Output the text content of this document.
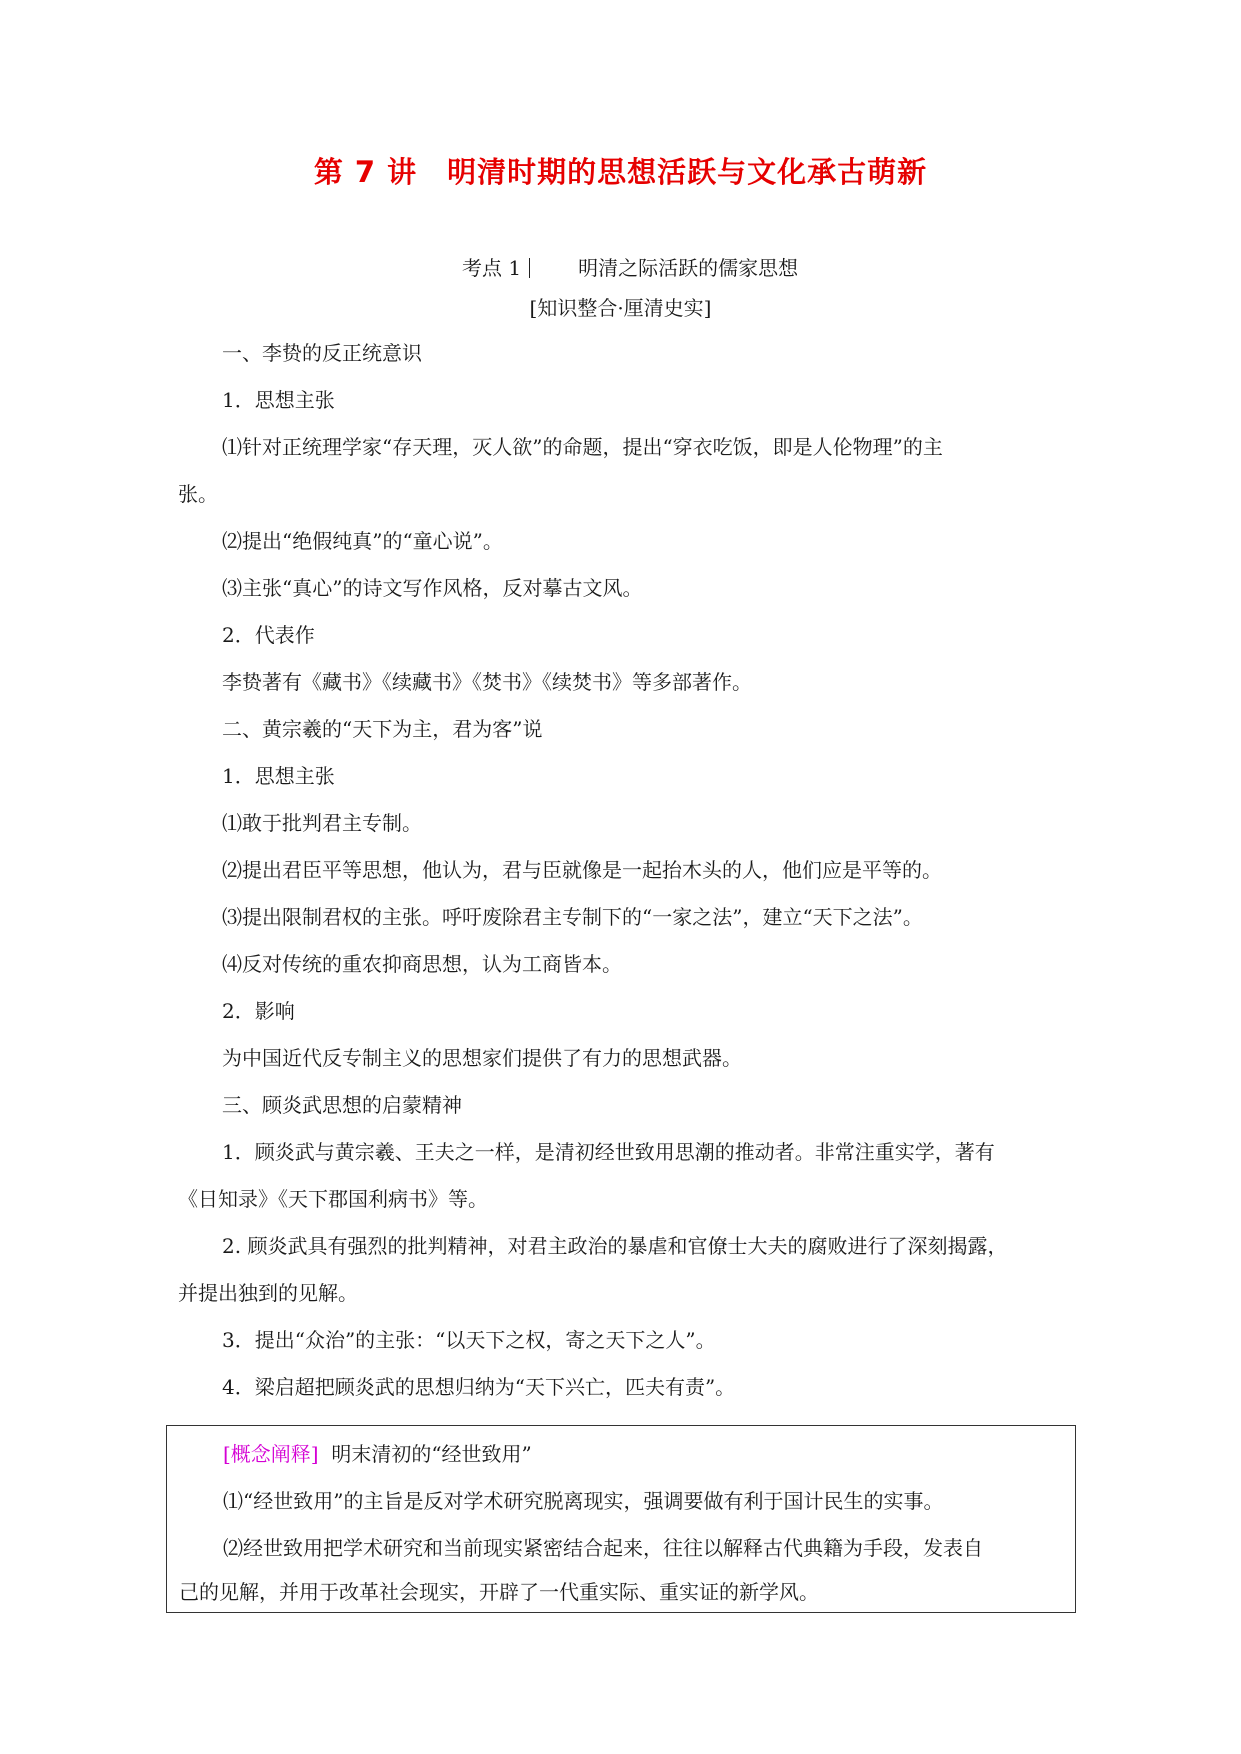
第 7 讲　明清时期的思想活跃与文化承古萌新
考点 1	明清之际活跃的儒家思想
[知识整合·厘清史实]
一、李贽的反正统意识
1．思想主张
⑴针对正统理学家“存天理，灭人欲”的命题，提出“穿衣吃饭，即是人伦物理”的主
张。
⑵提出“绝假纯真”的“童心说”。
⑶主张“真心”的诗文写作风格，反对摹古文风。
2．代表作
李贽著有《藏书》《续藏书》《焚书》《续焚书》等多部著作。
二、黄宗羲的“天下为主，君为客”说
1．思想主张
⑴敢于批判君主专制。
⑵提出君臣平等思想，他认为，君与臣就像是一起抬木头的人，他们应是平等的。
⑶提出限制君权的主张。呼吁废除君主专制下的“一家之法”，建立“天下之法”。
⑷反对传统的重农抑商思想，认为工商皆本。
2．影响
为中国近代反专制主义的思想家们提供了有力的思想武器。
三、顾炎武思想的启蒙精神
1．顾炎武与黄宗羲、王夫之一样，是清初经世致用思潮的推动者。非常注重实学，著有
《日知录》《天下郡国利病书》等。
2. 顾炎武具有强烈的批判精神，对君主政治的暴虐和官僚士大夫的腐败进行了深刻揭露，
并提出独到的见解。
3．提出“众治”的主张：“以天下之权，寄之天下之人”。
4．梁启超把顾炎武的思想归纳为“天下兴亡，匹夫有责”。
[概念阐释] 明末清初的“经世致用”
⑴“经世致用”的主旨是反对学术研究脱离现实，强调要做有利于国计民生的实事。
⑵经世致用把学术研究和当前现实紧密结合起来，往往以解释古代典籍为手段，发表自
己的见解，并用于改革社会现实，开辟了一代重实际、重实证的新学风。
